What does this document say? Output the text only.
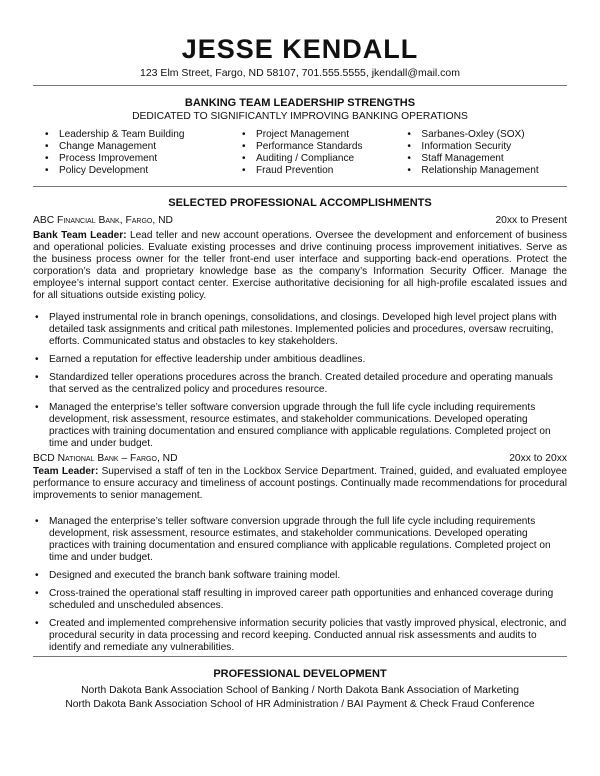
JESSE KENDALL
123 Elm Street, Fargo, ND 58107, 701.555.5555, jkendall@mail.com
BANKING TEAM LEADERSHIP STRENGTHS
DEDICATED TO SIGNIFICANTLY IMPROVING BANKING OPERATIONS
• Leadership & Team Building
• Change Management
• Process Improvement
• Policy Development
• Project Management
• Performance Standards
• Auditing / Compliance
• Fraud Prevention
• Sarbanes-Oxley (SOX)
• Information Security
• Staff Management
• Relationship Management
SELECTED PROFESSIONAL ACCOMPLISHMENTS
ABC Financial Bank, Fargo, ND	20xx to Present
Bank Team Leader: Lead teller and new account operations. Oversee the development and enforcement of business and operational policies. Evaluate existing processes and drive continuing process improvement initiatives. Serve as the business process owner for the teller front-end user interface and supporting back-end operations. Protect the corporation’s data and proprietary knowledge base as the company’s Information Security Officer. Manage the employee’s internal support contact center. Exercise authoritative decisioning for all high-profile escalated issues and for all situations outside existing policy.
• Played instrumental role in branch openings, consolidations, and closings. Developed high level project plans with detailed task assignments and critical path milestones. Implemented policies and procedures, oversaw recruiting, efforts. Communicated status and obstacles to key stakeholders.
• Earned a reputation for effective leadership under ambitious deadlines.
• Standardized teller operations procedures across the branch. Created detailed procedure and operating manuals that served as the centralized policy and procedures resource.
• Managed the enterprise’s teller software conversion upgrade through the full life cycle including requirements development, risk assessment, resource estimates, and stakeholder communications. Developed operating practices with training documentation and ensured compliance with applicable regulations. Completed project on time and under budget.
BCD National Bank – Fargo, ND	20xx to 20xx
Team Leader: Supervised a staff of ten in the Lockbox Service Department. Trained, guided, and evaluated employee performance to ensure accuracy and timeliness of account postings. Continually made recommendations for procedural improvements to senior management.
• Managed the enterprise’s teller software conversion upgrade through the full life cycle including requirements development, risk assessment, resource estimates, and stakeholder communications. Developed operating practices with training documentation and ensured compliance with applicable regulations. Completed project on time and under budget.
• Designed and executed the branch bank software training model.
• Cross-trained the operational staff resulting in improved career path opportunities and enhanced coverage during scheduled and unscheduled absences.
• Created and implemented comprehensive information security policies that vastly improved physical, electronic, and procedural security in data processing and record keeping. Conducted annual risk assessments and audits to identify and remediate any vulnerabilities.
PROFESSIONAL DEVELOPMENT
North Dakota Bank Association School of Banking / North Dakota Bank Association of Marketing
North Dakota Bank Association School of HR Administration / BAI Payment & Check Fraud Conference
